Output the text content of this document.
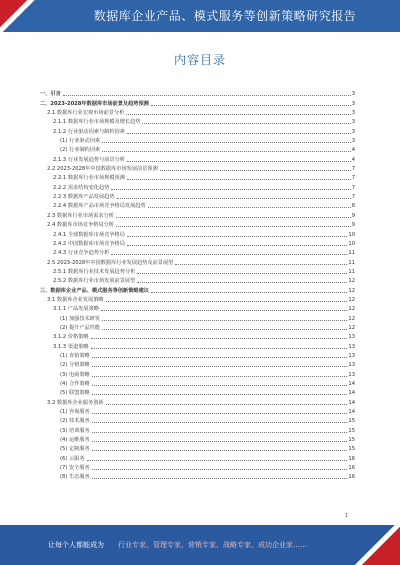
数据库企业产品、模式服务等创新策略研究报告
内容目录
一、引言	3
二、2023-2028年数据库市场前景及趋势预测	3
2.1 数据库行业宏观市场前景分析	3
2.1.1 数据库行业市场规模及增长趋势	3
2.1.2 行业驱动因素与制约因素	3
(1) 行业驱动因素	3
(2) 行业制约因素	4
2.1.3 行业发展趋势与前景分析	4
2.2 2023-2028年中国数据库市场发展前景预测	7
2.2.1 数据库行业市场规模预测	7
2.2.2 需求结构变化趋势	7
2.2.3 数据库产品发展趋势	7
2.2.4 数据库产品市场竞争格局发展趋势	8
2.3 数据库行业市场需求分析	9
2.4 数据库市场竞争格局分析	9
2.4.1 全球数据库市场竞争格局	10
2.4.2 中国数据库市场竞争格局	10
2.4.3 行业竞争趋势分析	11
2.5 2023-2028年中国数据库行业发展趋势及前景展望	11
2.5.1 数据库行业技术发展趋势分析	11
2.5.2 数据库行业市场发展前景展望	12
三、数据库企业产品、模式服务等创新策略建议	12
3.1 数据库企业发展策略	12
3.1.1 产品发展策略	12
(1) 加强技术研发	12
(2) 提升产品性能	12
3.1.2 价格策略	13
3.1.3 渠道策略	13
(1) 直销策略	13
(2) 分销策略	13
(3) 电商策略	13
(4) 合作策略	14
(5) 联盟策略	14
3.2 数据库企业服务创新	14
(1) 咨询服务	14
(2) 技术服务	15
(3) 培训服务	15
(4) 运维服务	15
(5) 定制服务	15
(6) 云服务	16
(7) 安全服务	16
(8) 生态服务	16
1
让每个人都能成为 行业专家、管理专家、营销专家、战略专家、成功企业家……
